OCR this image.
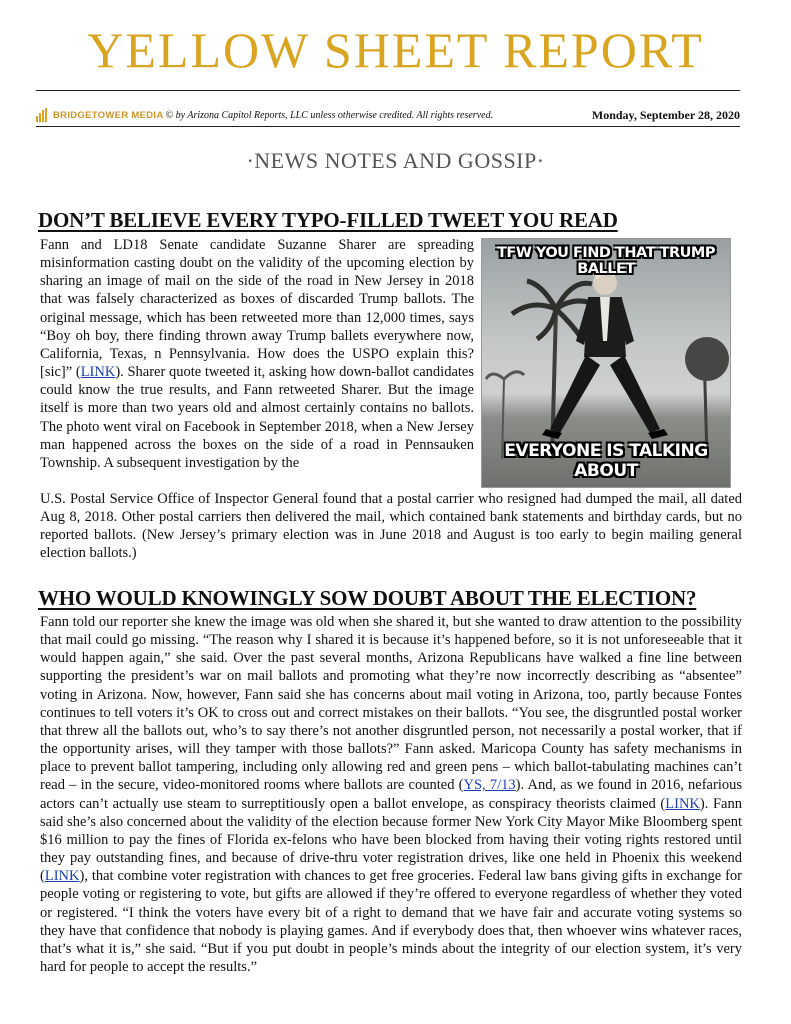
YELLOW SHEET REPORT
BRIDGETOWER MEDIA © by Arizona Capitol Reports, LLC unless otherwise credited. All rights reserved.	Monday, September 28, 2020
·NEWS NOTES AND GOSSIP·
DON’T BELIEVE EVERY TYPO-FILLED TWEET YOU READ
Fann and LD18 Senate candidate Suzanne Sharer are spreading misinformation casting doubt on the validity of the upcoming election by sharing an image of mail on the side of the road in New Jersey in 2018 that was falsely characterized as boxes of discarded Trump ballots. The original message, which has been retweeted more than 12,000 times, says “Boy oh boy, there finding thrown away Trump ballets everywhere now, California, Texas, n Pennsylvania. How does the USPO explain this? [sic]” (LINK). Sharer quote tweeted it, asking how down-ballot candidates could know the true results, and Fann retweeted Sharer. But the image itself is more than two years old and almost certainly contains no ballots. The photo went viral on Facebook in September 2018, when a New Jersey man happened across the boxes on the side of a road in Pennsauken Township. A subsequent investigation by the
TFW YOU FIND THAT TRUMP BALLET
EVERYONE IS TALKING ABOUT
U.S. Postal Service Office of Inspector General found that a postal carrier who resigned had dumped the mail, all dated Aug 8, 2018. Other postal carriers then delivered the mail, which contained bank statements and birthday cards, but no reported ballots. (New Jersey’s primary election was in June 2018 and August is too early to begin mailing general election ballots.)
WHO WOULD KNOWINGLY SOW DOUBT ABOUT THE ELECTION?
Fann told our reporter she knew the image was old when she shared it, but she wanted to draw attention to the possibility that mail could go missing. “The reason why I shared it is because it’s happened before, so it is not unforeseeable that it would happen again,” she said. Over the past several months, Arizona Republicans have walked a fine line between supporting the president’s war on mail ballots and promoting what they’re now incorrectly describing as “absentee” voting in Arizona. Now, however, Fann said she has concerns about mail voting in Arizona, too, partly because Fontes continues to tell voters it’s OK to cross out and correct mistakes on their ballots. “You see, the disgruntled postal worker that threw all the ballots out, who’s to say there’s not another disgruntled person, not necessarily a postal worker, that if the opportunity arises, will they tamper with those ballots?” Fann asked. Maricopa County has safety mechanisms in place to prevent ballot tampering, including only allowing red and green pens – which ballot-tabulating machines can’t read – in the secure, video-monitored rooms where ballots are counted (YS, 7/13). And, as we found in 2016, nefarious actors can’t actually use steam to surreptitiously open a ballot envelope, as conspiracy theorists claimed (LINK). Fann said she’s also concerned about the validity of the election because former New York City Mayor Mike Bloomberg spent $16 million to pay the fines of Florida ex-felons who have been blocked from having their voting rights restored until they pay outstanding fines, and because of drive-thru voter registration drives, like one held in Phoenix this weekend (LINK), that combine voter registration with chances to get free groceries. Federal law bans giving gifts in exchange for people voting or registering to vote, but gifts are allowed if they’re offered to everyone regardless of whether they voted or registered. “I think the voters have every bit of a right to demand that we have fair and accurate voting systems so they have that confidence that nobody is playing games. And if everybody does that, then whoever wins whatever races, that’s what it is,” she said. “But if you put doubt in people’s minds about the integrity of our election system, it’s very hard for people to accept the results.”
